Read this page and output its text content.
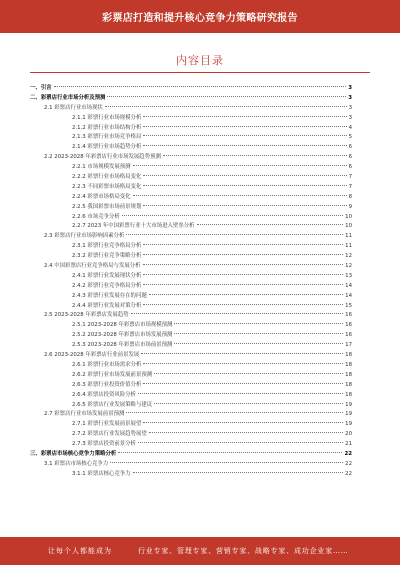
彩票店打造和提升核心竞争力策略研究报告
内容目录
一、引言	3
二、彩票店行业市场分析及预测	3
2.1 彩票店行业市场现状	3
2.1.1 彩票行业市场规模分析	3
2.1.2 彩票行业市场结构分析	4
2.1.3 彩票行业市场竞争格局	5
2.1.4 彩票行业市场趋势分析	6
2.2 2023-2028 年彩票店行业市场发展趋势预测	6
2.2.1 市场规模发展预测	6
2.2.2 彩票行业市场格局变化	7
2.2.3 不同彩票市场格局变化	7
2.2.4 彩票市场格局变化	8
2.2.5 我国彩票市场前景规划	9
2.2.6 市场竞争分析	10
2.2.7 2023 年中国彩票行业十大市场进入壁垒分析	10
2.3 彩票店行业市场影响因素分析	11
2.3.1 彩票行业竞争格局分析	11
2.3.2 彩票行业竞争策略分析	12
2.4 中国彩票店行业竞争格局与发展分析	12
2.4.1 彩票行业发展现状分析	13
2.4.2 彩票行业竞争格局分析	14
2.4.3 彩票行业发展存在的问题	14
2.4.4 彩票行业发展对策分析	15
2.5 2023-2028 年彩票店发展趋势	16
2.5.1 2023-2028 年彩票店市场规模预测	16
2.5.2 2023-2028 年彩票店市场发展预测	16
2.5.3 2023-2028 年彩票店市场前景预测	17
2.6 2023-2028 年彩票店行业前景发展	18
2.6.1 彩票行业市场需求分析	18
2.6.2 彩票行业市场发展前景预测	18
2.6.3 彩票行业投资价值分析	18
2.6.4 彩票店投资风险分析	18
2.6.5 彩票店行业发展策略与建议	19
2.7 彩票店行业市场发展前景预测	19
2.7.1 彩票行业发展前景展望	19
2.7.2 彩票店行业发展趋势展望	20
2.7.3 彩票店投资前景分析	21
三、彩票店市场核心竞争力策略分析	22
3.1 彩票店市场核心竞争力	22
3.1.1 彩票店核心竞争力	22
让每个人都能成为	行业专家、管理专家、营销专家、战略专家、成功企业家……
